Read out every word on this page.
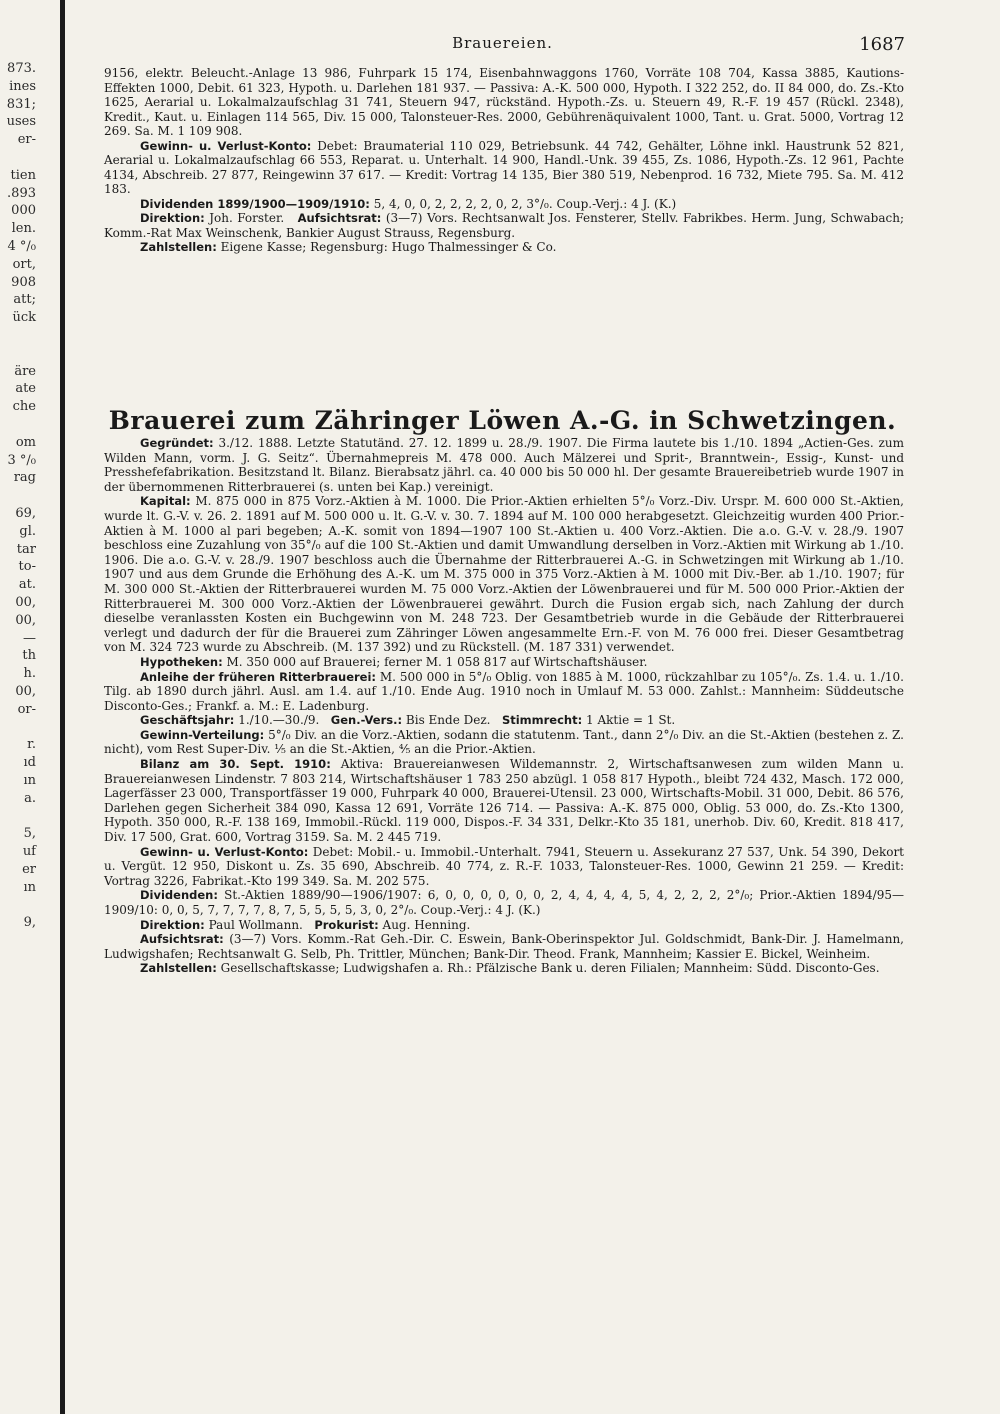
873.
ines
831;
uses
er-

tien
.893
000
len.
4 °/₀
ort,
908
att;
ück

äre
ate
che

om
3 °/₀
rag

69,
gl.
tar
to-
at.
00,
00,
—
th
h.
00,
or-

r.
ıd
ın
a.

5,
uf
er
ın

9,

Brauereien.	1687

9156, elektr. Beleucht.-Anlage 13 986, Fuhrpark 15 174, Eisenbahnwaggons 1760, Vorräte 108 704, Kassa 3885, Kautions-Effekten 1000, Debit. 61 323, Hypoth. u. Darlehen 181 937. — Passiva: A.-K. 500 000, Hypoth. I 322 252, do. II 84 000, do. Zs.-Kto 1625, Aerarial u. Lokalmalzaufschlag 31 741, Steuern 947, rückständ. Hypoth.-Zs. u. Steuern 49, R.-F. 19 457 (Rückl. 2348), Kredit., Kaut. u. Einlagen 114 565, Div. 15 000, Talonsteuer-Res. 2000, Gebührenäquivalent 1000, Tant. u. Grat. 5000, Vortrag 12 269. Sa. M. 1 109 908.

Gewinn- u. Verlust-Konto: Debet: Braumaterial 110 029, Betriebsunk. 44 742, Gehälter, Löhne inkl. Haustrunk 52 821, Aerarial u. Lokalmalzaufschlag 66 553, Reparat. u. Unterhalt. 14 900, Handl.-Unk. 39 455, Zs. 1086, Hypoth.-Zs. 12 961, Pachte 4134, Abschreib. 27 877, Reingewinn 37 617. — Kredit: Vortrag 14 135, Bier 380 519, Nebenprod. 16 732, Miete 795. Sa. M. 412 183.

Dividenden 1899/1900—1909/1910: 5, 4, 0, 0, 2, 2, 2, 2, 0, 2, 3°/₀. Coup.-Verj.: 4 J. (K.)

Direktion: Joh. Forster. Aufsichtsrat: (3—7) Vors. Rechtsanwalt Jos. Fensterer, Stellv. Fabrikbes. Herm. Jung, Schwabach; Komm.-Rat Max Weinschenk, Bankier August Strauss, Regensburg.

Zahlstellen: Eigene Kasse; Regensburg: Hugo Thalmessinger & Co.

Brauerei zum Zähringer Löwen A.-G. in Schwetzingen.

Gegründet: 3./12. 1888. Letzte Statutänd. 27. 12. 1899 u. 28./9. 1907. Die Firma lautete bis 1./10. 1894 „Actien-Ges. zum Wilden Mann, vorm. J. G. Seitz“. Übernahmepreis M. 478 000. Auch Mälzerei und Sprit-, Branntwein-, Essig-, Kunst- und Presshefefabrikation. Besitzstand lt. Bilanz. Bierabsatz jährl. ca. 40 000 bis 50 000 hl. Der gesamte Brauereibetrieb wurde 1907 in der übernommenen Ritterbrauerei (s. unten bei Kap.) vereinigt.

Kapital: M. 875 000 in 875 Vorz.-Aktien à M. 1000. Die Prior.-Aktien erhielten 5°/₀ Vorz.-Div. Urspr. M. 600 000 St.-Aktien, wurde lt. G.-V. v. 26. 2. 1891 auf M. 500 000 u. lt. G.-V. v. 30. 7. 1894 auf M. 100 000 herabgesetzt. Gleichzeitig wurden 400 Prior.-Aktien à M. 1000 al pari begeben; A.-K. somit von 1894—1907 100 St.-Aktien u. 400 Vorz.-Aktien. Die a.o. G.-V. v. 28./9. 1907 beschloss eine Zuzahlung von 35°/₀ auf die 100 St.-Aktien und damit Umwandlung derselben in Vorz.-Aktien mit Wirkung ab 1./10. 1906. Die a.o. G.-V. v. 28./9. 1907 beschloss auch die Übernahme der Ritterbrauerei A.-G. in Schwetzingen mit Wirkung ab 1./10. 1907 und aus dem Grunde die Erhöhung des A.-K. um M. 375 000 in 375 Vorz.-Aktien à M. 1000 mit Div.-Ber. ab 1./10. 1907; für M. 300 000 St.-Aktien der Ritterbrauerei wurden M. 75 000 Vorz.-Aktien der Löwenbrauerei und für M. 500 000 Prior.-Aktien der Ritterbrauerei M. 300 000 Vorz.-Aktien der Löwenbrauerei gewährt. Durch die Fusion ergab sich, nach Zahlung der durch dieselbe veranlassten Kosten ein Buchgewinn von M. 248 723. Der Gesamtbetrieb wurde in die Gebäude der Ritterbrauerei verlegt und dadurch der für die Brauerei zum Zähringer Löwen angesammelte Ern.-F. von M. 76 000 frei. Dieser Gesamtbetrag von M. 324 723 wurde zu Abschreib. (M. 137 392) und zu Rückstell. (M. 187 331) verwendet.

Hypotheken: M. 350 000 auf Brauerei; ferner M. 1 058 817 auf Wirtschaftshäuser.

Anleihe der früheren Ritterbrauerei: M. 500 000 in 5°/₀ Oblig. von 1885 à M. 1000, rückzahlbar zu 105°/₀. Zs. 1.4. u. 1./10. Tilg. ab 1890 durch jährl. Ausl. am 1.4. auf 1./10. Ende Aug. 1910 noch in Umlauf M. 53 000. Zahlst.: Mannheim: Süddeutsche Disconto-Ges.; Frankf. a. M.: E. Ladenburg.

Geschäftsjahr: 1./10.—30./9. Gen.-Vers.: Bis Ende Dez. Stimmrecht: 1 Aktie = 1 St.

Gewinn-Verteilung: 5°/₀ Div. an die Vorz.-Aktien, sodann die statutenm. Tant., dann 2°/₀ Div. an die St.-Aktien (bestehen z. Z. nicht), vom Rest Super-Div. ⅕ an die St.-Aktien, ⅘ an die Prior.-Aktien.

Bilanz am 30. Sept. 1910: Aktiva: Brauereianwesen Wildemannstr. 2, Wirtschaftsanwesen zum wilden Mann u. Brauereianwesen Lindenstr. 7 803 214, Wirtschaftshäuser 1 783 250 abzügl. 1 058 817 Hypoth., bleibt 724 432, Masch. 172 000, Lagerfässer 23 000, Transportfässer 19 000, Fuhrpark 40 000, Brauerei-Utensil. 23 000, Wirtschafts-Mobil. 31 000, Debit. 86 576, Darlehen gegen Sicherheit 384 090, Kassa 12 691, Vorräte 126 714. — Passiva: A.-K. 875 000, Oblig. 53 000, do. Zs.-Kto 1300, Hypoth. 350 000, R.-F. 138 169, Immobil.-Rückl. 119 000, Dispos.-F. 34 331, Delkr.-Kto 35 181, unerhob. Div. 60, Kredit. 818 417, Div. 17 500, Grat. 600, Vortrag 3159. Sa. M. 2 445 719.

Gewinn- u. Verlust-Konto: Debet: Mobil.- u. Immobil.-Unterhalt. 7941, Steuern u. Assekuranz 27 537, Unk. 54 390, Dekort u. Vergüt. 12 950, Diskont u. Zs. 35 690, Abschreib. 40 774, z. R.-F. 1033, Talonsteuer-Res. 1000, Gewinn 21 259. — Kredit: Vortrag 3226, Fabrikat.-Kto 199 349. Sa. M. 202 575.

Dividenden: St.-Aktien 1889/90—1906/1907: 6, 0, 0, 0, 0, 0, 0, 2, 4, 4, 4, 4, 5, 4, 2, 2, 2, 2°/₀; Prior.-Aktien 1894/95—1909/10: 0, 0, 5, 7, 7, 7, 7, 8, 7, 5, 5, 5, 5, 3, 0, 2°/₀. Coup.-Verj.: 4 J. (K.)

Direktion: Paul Wollmann. Prokurist: Aug. Henning.

Aufsichtsrat: (3—7) Vors. Komm.-Rat Geh.-Dir. C. Eswein, Bank-Oberinspektor Jul. Goldschmidt, Bank-Dir. J. Hamelmann, Ludwigshafen; Rechtsanwalt G. Selb, Ph. Trittler, München; Bank-Dir. Theod. Frank, Mannheim; Kassier E. Bickel, Weinheim.

Zahlstellen: Gesellschaftskasse; Ludwigshafen a. Rh.: Pfälzische Bank u. deren Filialen; Mannheim: Südd. Disconto-Ges.
